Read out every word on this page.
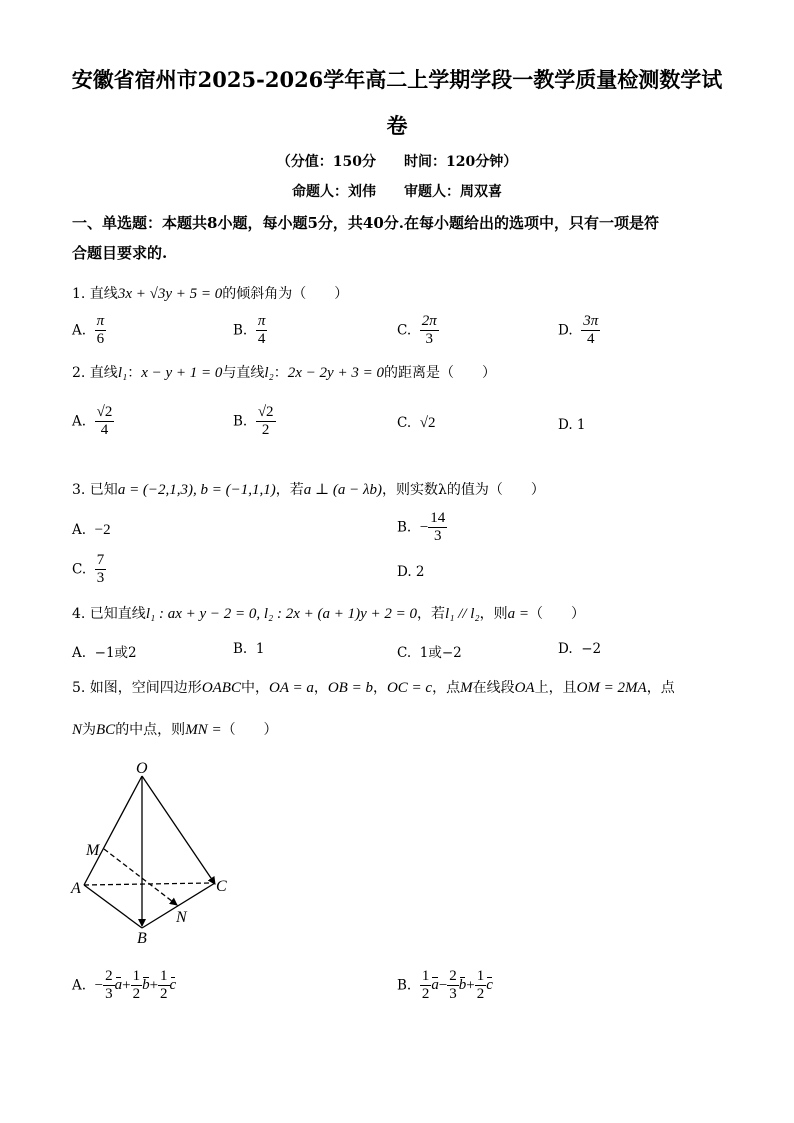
安徽省宿州市2025-2026学年高二上学期学段一教学质量检测数学试
卷
（分值：150分　　时间：120分钟）
命题人：刘伟　　审题人：周双喜
一、单选题：本题共8小题，每小题5分，共40分.在每小题给出的选项中，只有一项是符
合题目要求的.
1. 直线3x + √3y + 5 = 0的倾斜角为（　　）
A. $\frac{\pi}{6}$	B. $\frac{\pi}{4}$	C. $\frac{2\pi}{3}$	D. $\frac{3\pi}{4}$
2. 直线l₁：x − y + 1 = 0与直线l₂：2x − 2y + 3 = 0的距离是（　　）
A. $\frac{√2}{4}$	B. $\frac{√2}{2}$	C. √2	D. 1
3. 已知a = (−2,1,3), b = (−1,1,1)，若a ⊥ (a − λb)，则实数λ的值为（　　）
A. −2	B. − $\frac{14}{3}$
C. $\frac{7}{3}$	D. 2
4. 已知直线l₁ : ax + y − 2 = 0, l₂ : 2x + (a + 1)y + 2 = 0，若l₁ // l₂，则a =（　　）
A. −1或2	B. 1	C. 1或−2	D. −2
5. 如图，空间四边形OABC中，OA = a，OB = b，OC = c，点M在线段OA上，且OM = 2MA，点
N为BC的中点，则MN =（　　）
O
M
A	C
N
B
A. − $\frac{2}{3} a+ \frac{1}{2} b+ \frac{1}{2}$ c	B. $\frac{1}{2} a- \frac{2}{3} b+ \frac{1}{2}$ c
